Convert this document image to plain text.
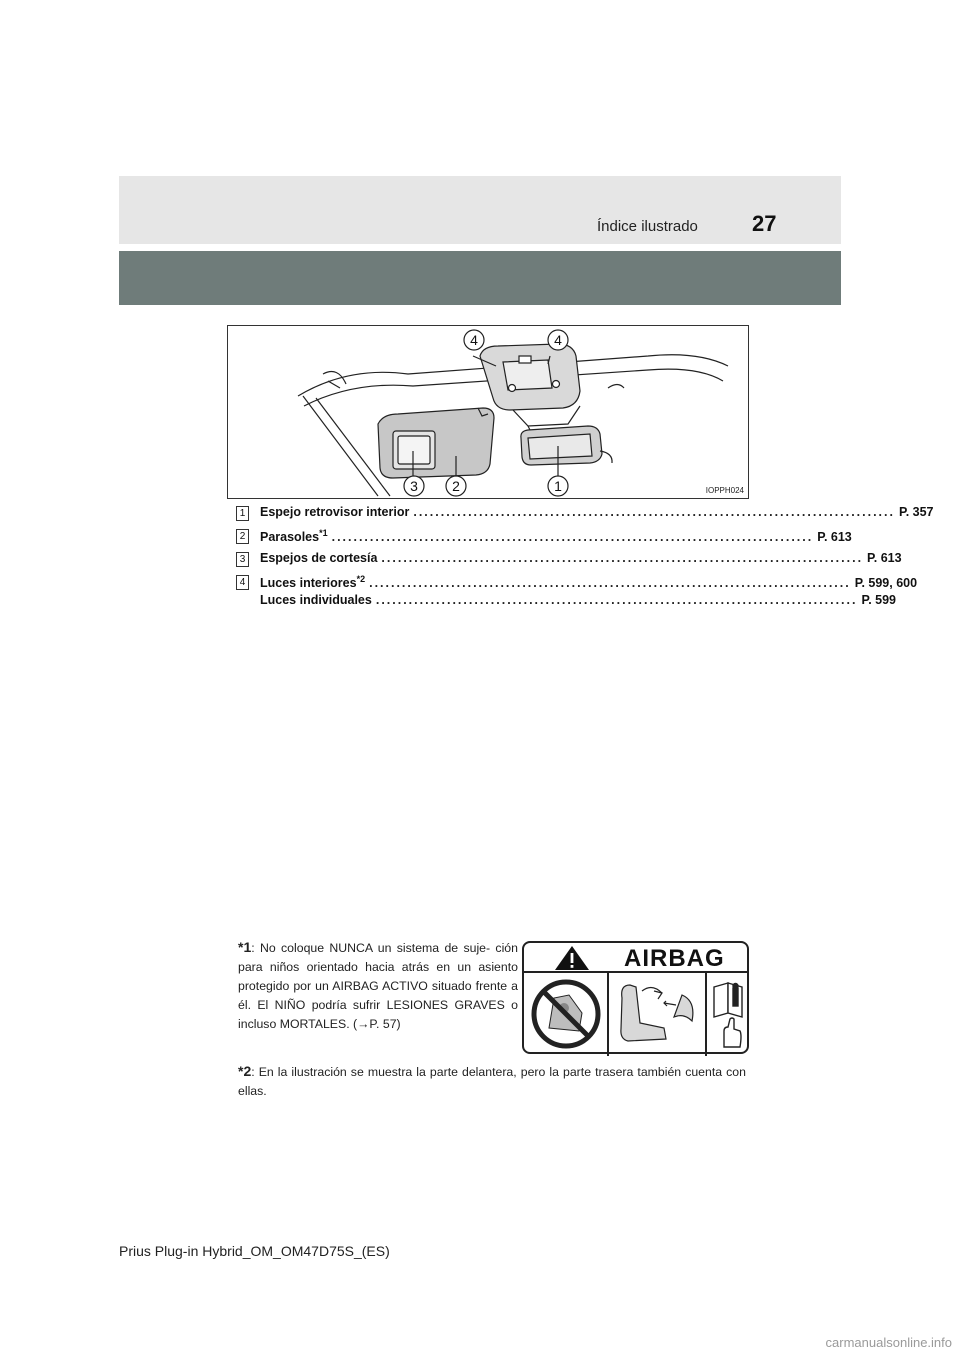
Índice ilustrado 27
4	4
3 2	1	IOPPH024
1 Espejo retrovisor interior ........................................................................................ P. 357
2 Parasoles$^{*1}$ ........................................................................................ P. 613
3 Espejos de cortesía ........................................................................................ P. 613
4 Luces interiores$^{*2}$ ........................................................................................ P. 599, 600
Luces individuales ........................................................................................ P. 599
*1: No coloque NUNCA un sistema de suje- ción para niños orientado hacia atrás en un asiento protegido por un AIRBAG ACTIVO situado frente a él. El NIÑO podría sufrir LESIONES GRAVES o incluso MORTALES. (→P. 57)
AIRBAG
*2: En la ilustración se muestra la parte delantera, pero la parte trasera también cuenta con ellas.
Prius Plug-in Hybrid_OM_OM47D75S_(ES)
carmanualsonline.info
